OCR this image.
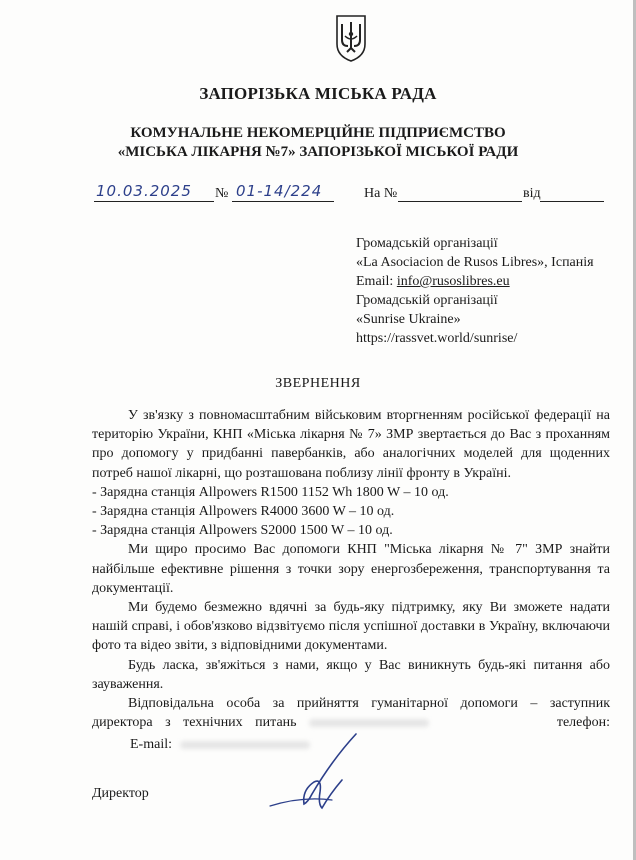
ЗАПОРІЗЬКА МІСЬКА РАДА
КОМУНАЛЬНЕ НЕКОМЕРЦІЙНЕ ПІДПРИЄМСТВО
«МІСЬКА ЛІКАРНЯ №7» ЗАПОРІЗЬКОЇ МІСЬКОЇ РАДИ
10.03.2025 № 01-14/224	На №	від
Громадській організації
«La Asociacion de Rusos Libres», Іспанія
Email: info@rusoslibres.eu
Громадській організації
«Sunrise Ukraine»
https://rassvet.world/sunrise/
ЗВЕРНЕННЯ

У зв'язку з повномасштабним військовим вторгненням російської федерації на територію України, КНП «Міська лікарня № 7» ЗМР звертається до Вас з проханням про допомогу у придбанні павербанків, або аналогічних моделей для щоденних потреб нашої лікарні, що розташована поблизу лінії фронту в Україні.

- Зарядна станція Allpowers R1500 1152 Wh 1800 W – 10 од.

- Зарядна станція Allpowers R4000 3600 W – 10 од.

- Зарядна станція Allpowers S2000 1500 W – 10 од.

Ми щиро просимо Вас допомоги КНП "Міська лікарня № 7" ЗМР знайти найбільше ефективне рішення з точки зору енергозбереження, транспортування та документації.

Ми будемо безмежно вдячні за будь-яку підтримку, яку Ви зможете надати нашій справі, і обов'язково відзвітуємо після успішної доставки в Україну, включаючи фото та відео звіти, з відповідними документами.

Будь ласка, зв'яжіться з нами, якщо у Вас виникнуть будь-які питання або зауваження.

Відповідальна особа за прийняття гуманітарної допомоги – заступник

директора з технічних питань	телефон:

E-mail:
Директор
